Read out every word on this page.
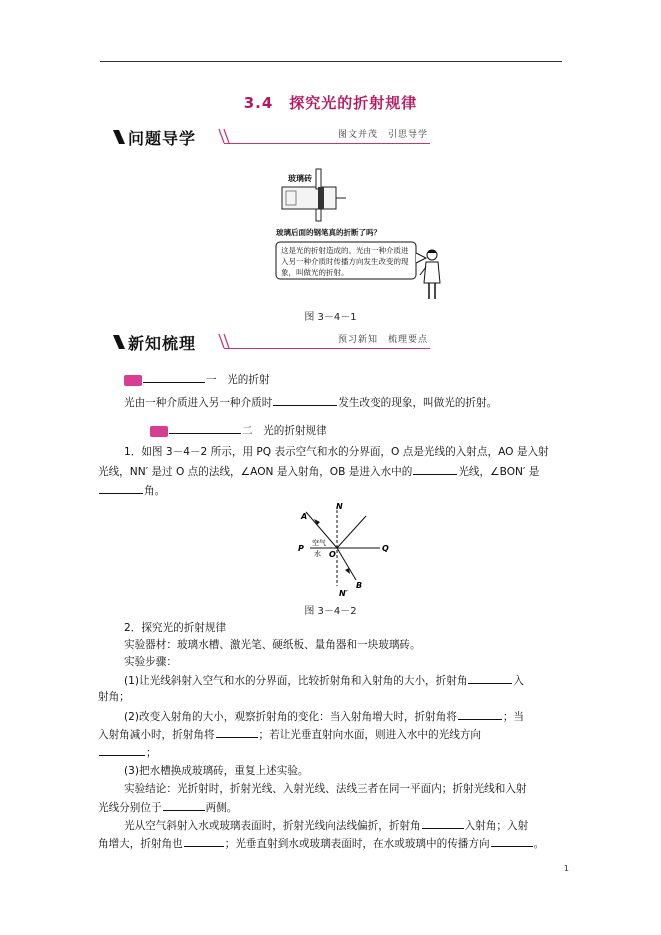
3.4　探究光的折射规律
问题导学	图文并茂　引思导学
玻璃砖
玻璃后面的钢笔真的折断了吗？
这是光的折射造成的。光由一种介质进
入另一种介质时传播方向发生改变的现
象，叫做光的折射。
图 3－4－1
新知梳理	预习新知　梳理要点
一　光的折射
光由一种介质进入另一种介质时	发生改变的现象，叫做光的折射。
二　光的折射规律
1．如图 3－4－2 所示，用 PQ 表示空气和水的分界面，O 点是光线的入射点，AO 是入射
光线，NN′ 是过 O 点的法线，∠AON 是入射角，OB 是进入水中的	光线，∠BON′ 是
角。
N
A
P	Q
O
B
N′
空气
水
图 3－4－2
2．探究光的折射规律
实验器材：玻璃水槽、激光笔、硬纸板、量角器和一块玻璃砖。
实验步骤：
(1)让光线斜射入空气和水的分界面，比较折射角和入射角的大小，折射角	入
射角；
(2)改变入射角的大小，观察折射角的变化：当入射角增大时，折射角将	；当
入射角减小时，折射角将	；若让光垂直射向水面，则进入水中的光线方向
；
(3)把水槽换成玻璃砖，重复上述实验。
实验结论：光折射时，折射光线、入射光线、法线三者在同一平面内；折射光线和入射
光线分别位于	两侧。
光从空气斜射入水或玻璃表面时，折射光线向法线偏折，折射角	入射角；入射
角增大，折射角也	；光垂直射到水或玻璃表面时，在水或玻璃中的传播方向	。
1
